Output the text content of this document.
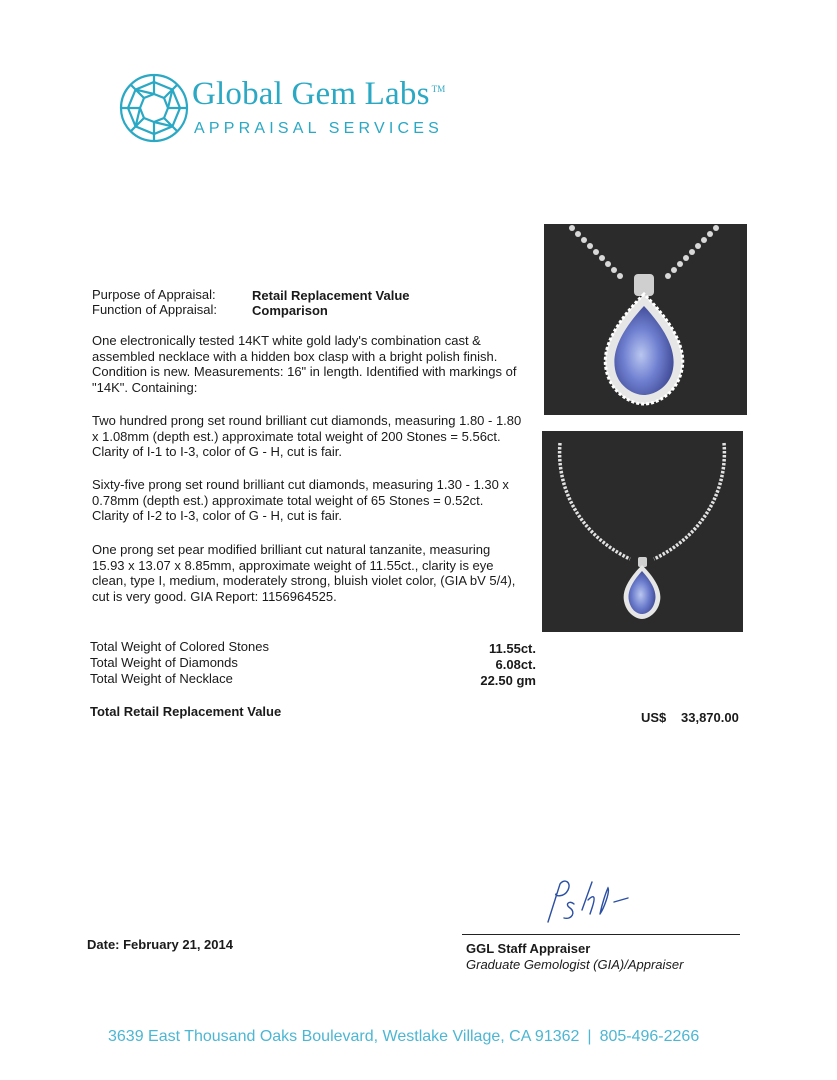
Global Gem Labs ™
APPRAISAL SERVICES
Purpose of Appraisal:	Retail Replacement Value
Function of Appraisal:	Comparison
One electronically tested 14KT white gold lady's combination cast & assembled necklace with a hidden box clasp with a bright polish finish. Condition is new. Measurements: 16" in length. Identified with markings of "14K". Containing:
Two hundred prong set round brilliant cut diamonds, measuring 1.80 - 1.80 x 1.08mm (depth est.) approximate total weight of 200 Stones = 5.56ct. Clarity of I-1 to I-3, color of G - H, cut is fair.
Sixty-five prong set round brilliant cut diamonds, measuring 1.30 - 1.30 x 0.78mm (depth est.) approximate total weight of 65 Stones = 0.52ct. Clarity of I-2 to I-3, color of G - H, cut is fair.
One prong set pear modified brilliant cut natural tanzanite, measuring 15.93 x 13.07 x 8.85mm, approximate weight of 11.55ct., clarity is eye clean, type I, medium, moderately strong, bluish violet color, (GIA bV 5/4), cut is very good. GIA Report: 1156964525.
Total Weight of Colored Stones	11.55ct.
Total Weight of Diamonds	6.08ct.
Total Weight of Necklace	22.50 gm
Total Retail Replacement Value	US$ 33,870.00
Date: February 21, 2014	GGL Staff Appraiser
Graduate Gemologist (GIA)/Appraiser
3639 East Thousand Oaks Boulevard, Westlake Village, CA 91362 | 805-496-2266
